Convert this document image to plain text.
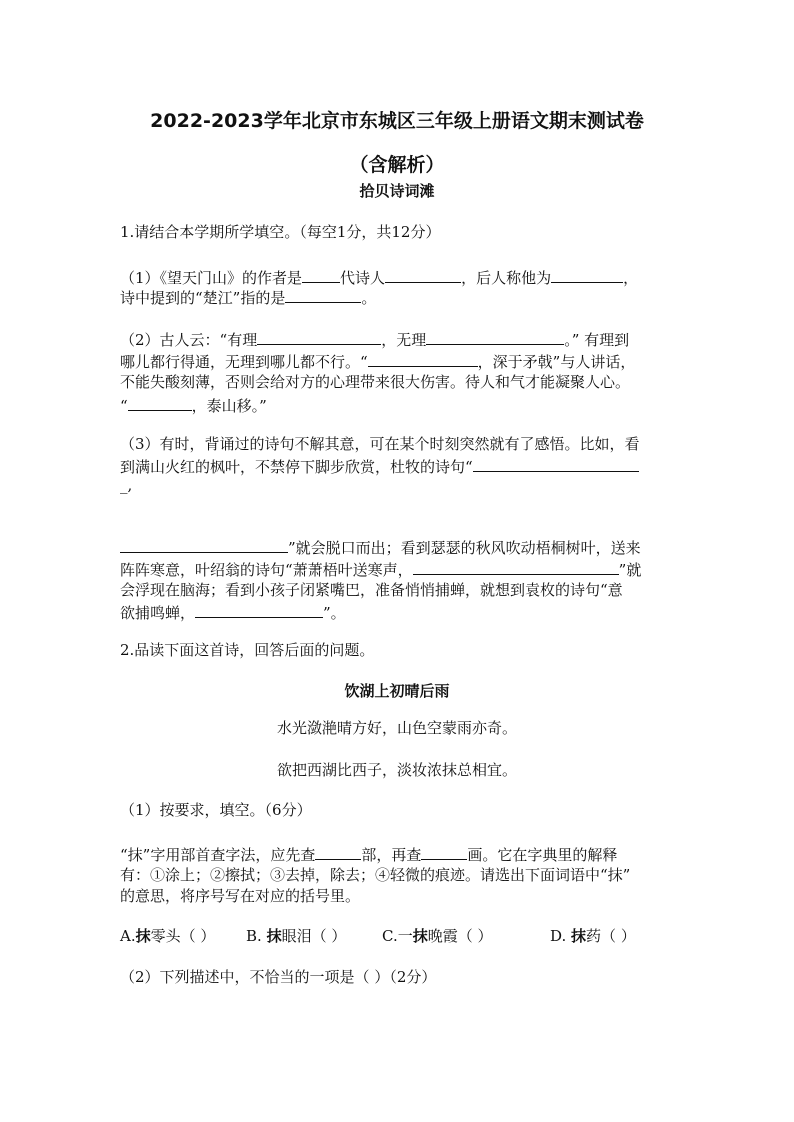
2022-2023学年北京市东城区三年级上册语文期末测试卷
（含解析）
拾贝诗词滩
1.请结合本学期所学填空。（每空1分，共12分）
（1）《望天门山》的作者是	代诗人	，后人称他为	，
诗中提到的“楚江”指的是	。
（2）古人云：“有理	，无理	。” 有理到
哪儿都行得通，无理到哪儿都不行。“	，深于矛戟”与人讲话，
不能失酸刻薄，否则会给对方的心理带来很大伤害。待人和气才能凝聚人心。
“	，泰山移。”
（3）有时，背诵过的诗句不解其意，可在某个时刻突然就有了感悟。比如，看
到满山火红的枫叶，不禁停下脚步欣赏，杜牧的诗句“
_,
”就会脱口而出；看到瑟瑟的秋风吹动梧桐树叶，送来
阵阵寒意，叶绍翁的诗句“萧萧梧叶送寒声，	”就
会浮现在脑海；看到小孩子闭紧嘴巴，准备悄悄捕蝉，就想到袁枚的诗句“意
欲捕鸣蝉，	”。
2.品读下面这首诗，回答后面的问题。
饮湖上初晴后雨
水光潋滟晴方好，山色空蒙雨亦奇。
欲把西湖比西子，淡妆浓抹总相宜。
（1）按要求，填空。（6分）
“抹”字用部首查字法，应先查	部，再查	画。它在字典里的解释
有：①涂上；②擦拭；③去掉，除去；④轻微的痕迹。请选出下面词语中“抹”
的意思，将序号写在对应的括号里。
A.抹零头（ ） B. 抹眼泪（ ） C.一抹晚霞（ ）	D. 抹药（ ）
（2）下列描述中，不恰当的一项是（ ）（2分）
